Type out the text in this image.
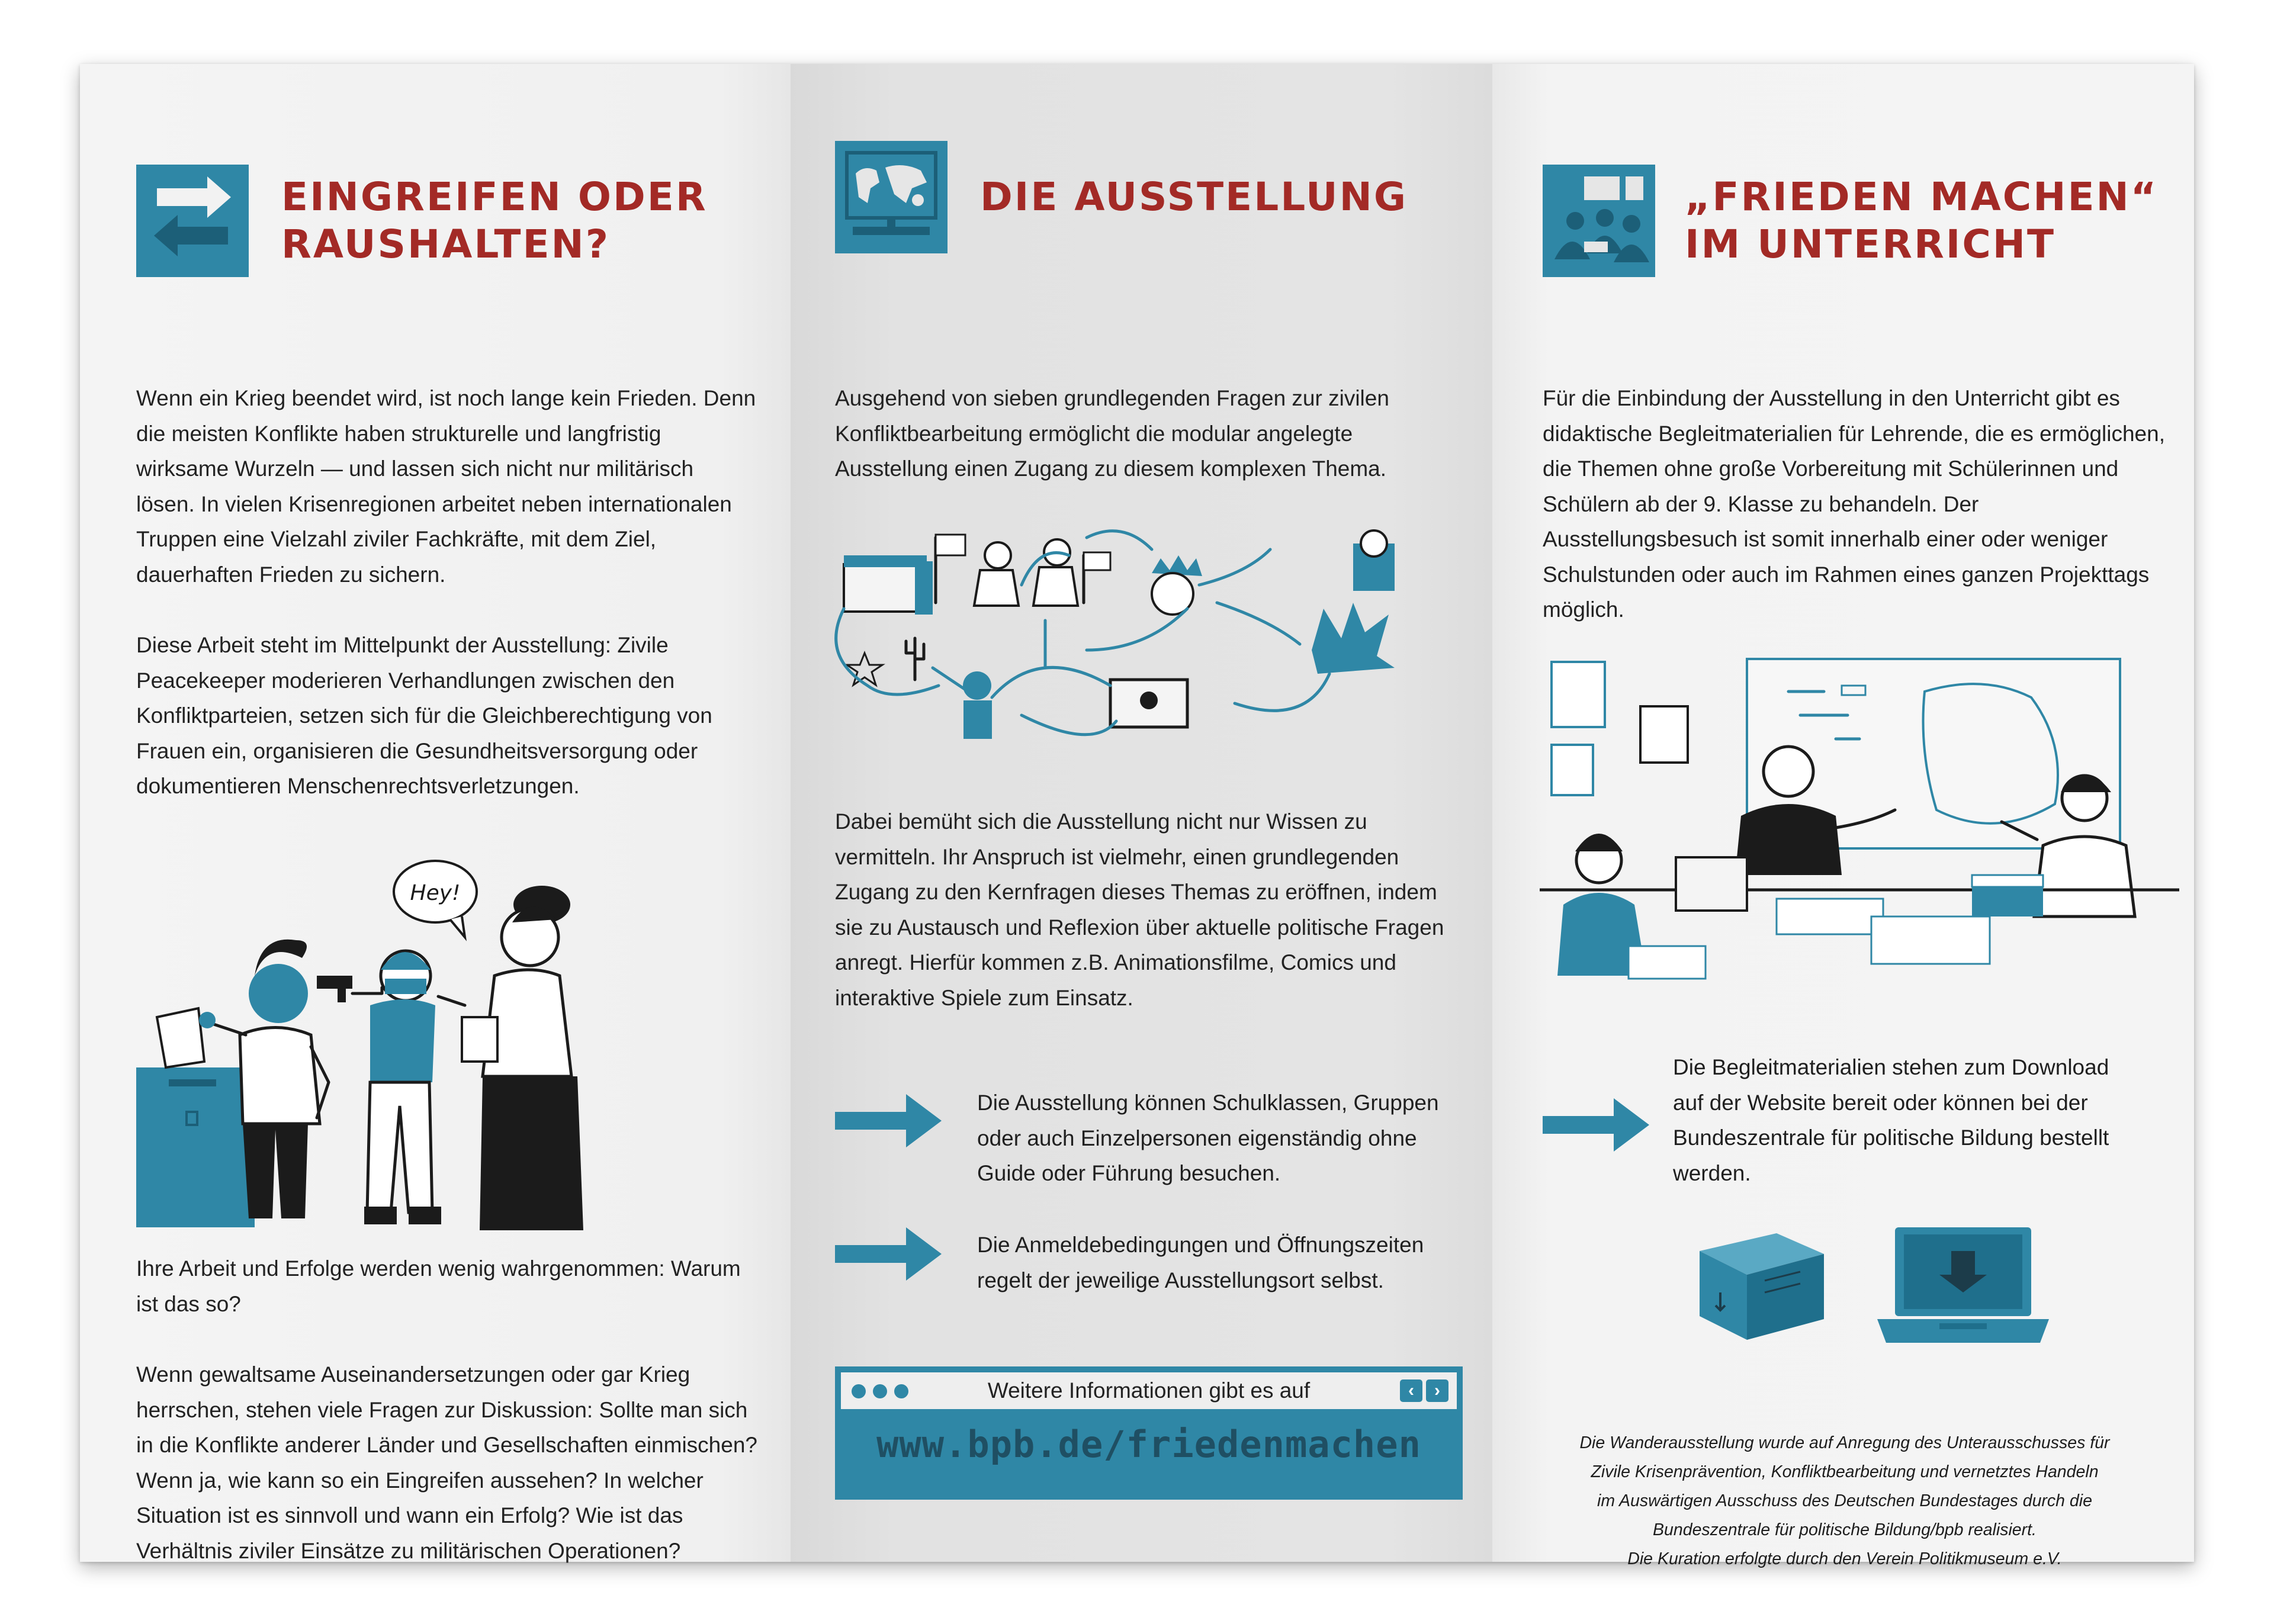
EINGREIFEN ODER
RAUSHALTEN?

Wenn ein Krieg beendet wird, ist noch lange kein Frieden. Denn die meisten Konflikte haben strukturelle und langfristig wirksame Wurzeln — und lassen sich nicht nur militärisch lösen. In vielen Krisenregionen arbeitet neben internationalen Truppen eine Vielzahl ziviler Fachkräfte, mit dem Ziel, dauerhaften Frieden zu sichern.

Diese Arbeit steht im Mittelpunkt der Ausstellung: Zivile Peacekeeper moderieren Verhandlungen zwischen den Konfliktparteien, setzen sich für die Gleichberechtigung von Frauen ein, organisieren die Gesundheitsversorgung oder dokumentieren Menschenrechtsverletzungen.

Hey!

Ihre Arbeit und Erfolge werden wenig wahrgenommen: Warum ist das so?

Wenn gewaltsame Auseinandersetzungen oder gar Krieg herrschen, stehen viele Fragen zur Diskussion: Sollte man sich in die Konflikte anderer Länder und Gesellschaften einmischen? Wenn ja, wie kann so ein Eingreifen aussehen? In welcher Situation ist es sinnvoll und wann ein Erfolg? Wie ist das Verhältnis ziviler Einsätze zu militärischen Operationen?

DIE AUSSTELLUNG

Ausgehend von sieben grundlegenden Fragen zur zivilen Konfliktbearbeitung ermöglicht die modular angelegte Ausstellung einen Zugang zu diesem komplexen Thema.

Dabei bemüht sich die Ausstellung nicht nur Wissen zu vermitteln. Ihr Anspruch ist vielmehr, einen grundlegenden Zugang zu den Kernfragen dieses Themas zu eröffnen, indem sie zu Austausch und Reflexion über aktuelle politische Fragen anregt. Hierfür kommen z.B. Animationsfilme, Comics und interaktive Spiele zum Einsatz.

Die Ausstellung können Schulklassen, Gruppen oder auch Einzelpersonen eigenständig ohne Guide oder Führung besuchen.
Die Anmeldebedingungen und Öffnungszeiten regelt der jeweilige Ausstellungsort selbst.
Weitere Informationen gibt es auf	‹	›
www.bpb.de/friedenmachen
„FRIEDEN MACHEN“
IM UNTERRICHT

Für die Einbindung der Ausstellung in den Unterricht gibt es didaktische Begleitmaterialien für Lehrende, die es ermöglichen, die Themen ohne große Vorbereitung mit Schülerinnen und Schülern ab der 9. Klasse zu behandeln. Der Ausstellungsbesuch ist somit innerhalb einer oder weniger Schulstunden oder auch im Rahmen eines ganzen Projekttags möglich.

Die Begleitmaterialien stehen zum Download auf der Website bereit oder können bei der Bundeszentrale für politische Bildung bestellt werden.
Die Wanderausstellung wurde auf Anregung des Unterausschusses für
Zivile Krisenprävention, Konfliktbearbeitung und vernetztes Handeln
im Auswärtigen Ausschuss des Deutschen Bundestages durch die
Bundeszentrale für politische Bildung/bpb realisiert.
Die Kuration erfolgte durch den Verein Politikmuseum e.V.
